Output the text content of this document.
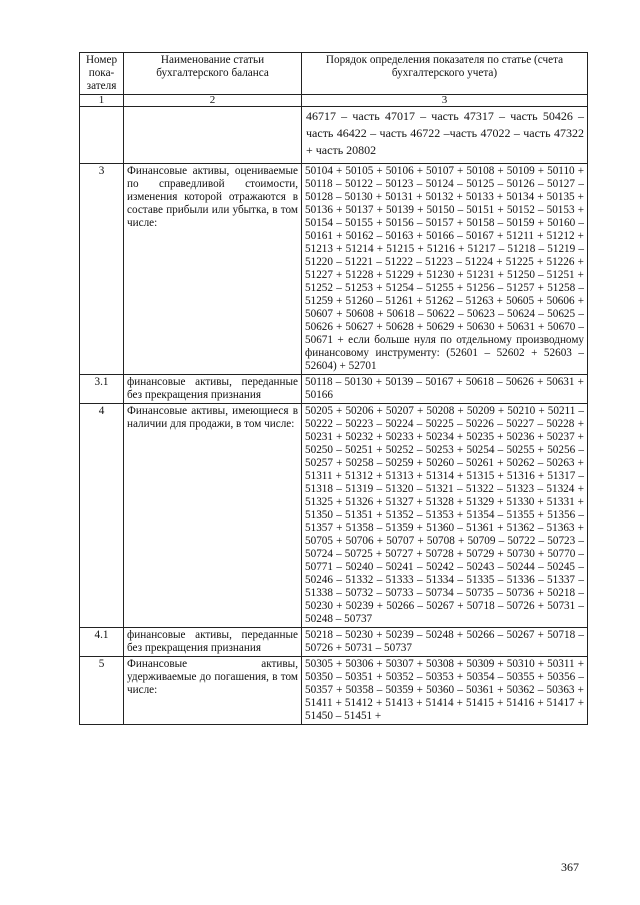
Номер пока-зателя	Наименование статьи бухгалтерского баланса	Порядок определения показателя по статье (счета бухгалтерского учета)
1	2	3
		46717 – часть 47017 – часть 47317 – часть 50426 – часть 46422 – часть 46722 –часть 47022 – часть 47322 + часть 20802
3	Финансовые активы, оцениваемые по справедливой стоимости, изменения которой отражаются в составе прибыли или убытка, в том числе:	50104 + 50105 + 50106 + 50107 + 50108 + 50109 + 50110 + 50118 – 50122 – 50123 – 50124 – 50125 – 50126 – 50127 – 50128 – 50130 + 50131 + 50132 + 50133 + 50134 + 50135 + 50136 + 50137 + 50139 + 50150 – 50151 + 50152 – 50153 + 50154 – 50155 + 50156 – 50157 + 50158 – 50159 + 50160 – 50161 + 50162 – 50163 + 50166 – 50167 + 51211 + 51212 + 51213 + 51214 + 51215 + 51216 + 51217 – 51218 – 51219 – 51220 – 51221 – 51222 – 51223 – 51224 + 51225 + 51226 + 51227 + 51228 + 51229 + 51230 + 51231 + 51250 – 51251 + 51252 – 51253 + 51254 – 51255 + 51256 – 51257 + 51258 – 51259 + 51260 – 51261 + 51262 – 51263 + 50605 + 50606 + 50607 + 50608 + 50618 – 50622 – 50623 – 50624 – 50625 – 50626 + 50627 + 50628 + 50629 + 50630 + 50631 + 50670 – 50671 + если больше нуля по отдельному производному финансовому инструменту: (52601 – 52602 + 52603 – 52604) + 52701
3.1	финансовые активы, переданные без прекращения признания	50118 – 50130 + 50139 – 50167 + 50618 – 50626 + 50631 + 50166
4	Финансовые активы, имеющиеся в наличии для продажи, в том числе:	50205 + 50206 + 50207 + 50208 + 50209 + 50210 + 50211 – 50222 – 50223 – 50224 – 50225 – 50226 – 50227 – 50228 + 50231 + 50232 + 50233 + 50234 + 50235 + 50236 + 50237 + 50250 – 50251 + 50252 – 50253 + 50254 – 50255 + 50256 – 50257 + 50258 – 50259 + 50260 – 50261 + 50262 – 50263 + 51311 + 51312 + 51313 + 51314 + 51315 + 51316 + 51317 – 51318 – 51319 – 51320 – 51321 – 51322 – 51323 – 51324 + 51325 + 51326 + 51327 + 51328 + 51329 + 51330 + 51331 + 51350 – 51351 + 51352 – 51353 + 51354 – 51355 + 51356 – 51357 + 51358 – 51359 + 51360 – 51361 + 51362 – 51363 + 50705 + 50706 + 50707 + 50708 + 50709 – 50722 – 50723 – 50724 – 50725 + 50727 + 50728 + 50729 + 50730 + 50770 – 50771 – 50240 – 50241 – 50242 – 50243 – 50244 – 50245 – 50246 – 51332 – 51333 – 51334 – 51335 – 51336 – 51337 – 51338 – 50732 – 50733 – 50734 – 50735 – 50736 + 50218 – 50230 + 50239 + 50266 – 50267 + 50718 – 50726 + 50731 – 50248 – 50737
4.1	финансовые активы, переданные без прекращения признания	50218 – 50230 + 50239 – 50248 + 50266 – 50267 + 50718 – 50726 + 50731 – 50737
5	Финансовые активы, удерживаемые до погашения, в том числе:	50305 + 50306 + 50307 + 50308 + 50309 + 50310 + 50311 + 50350 – 50351 + 50352 – 50353 + 50354 – 50355 + 50356 – 50357 + 50358 – 50359 + 50360 – 50361 + 50362 – 50363 + 51411 + 51412 + 51413 + 51414 + 51415 + 51416 + 51417 + 51450 – 51451 +
367
